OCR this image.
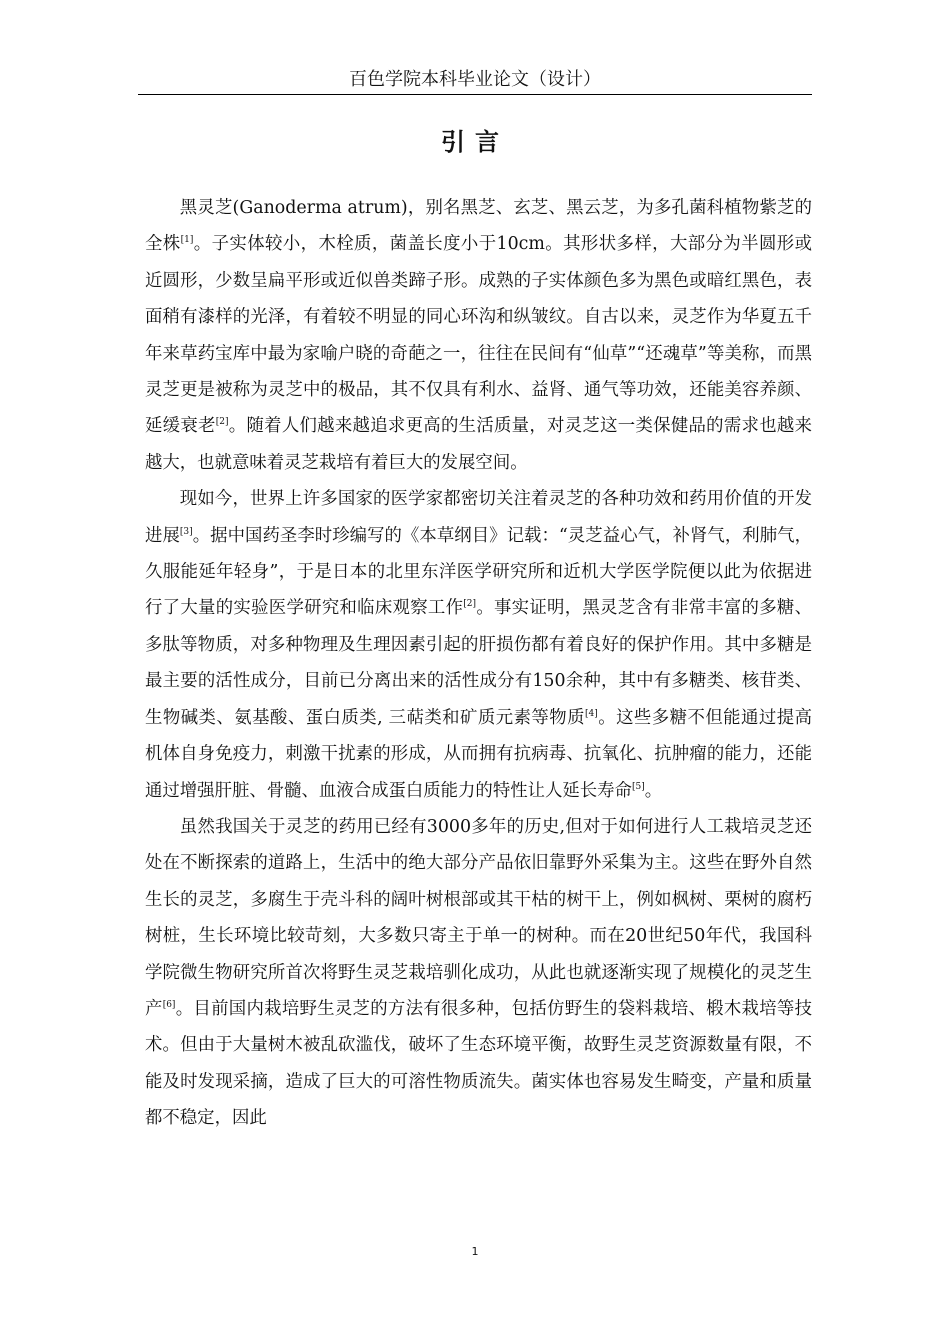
百色学院本科毕业论文（设计）
引言

黑灵芝(Ganoderma atrum)，别名黑芝、玄芝、黑云芝，为多孔菌科植物紫芝的全株[1]。子实体较小，木栓质，菌盖长度小于10cm。其形状多样，大部分为半圆形或近圆形，少数呈扁平形或近似兽类蹄子形。成熟的子实体颜色多为黑色或暗红黑色，表面稍有漆样的光泽，有着较不明显的同心环沟和纵皱纹。自古以来，灵芝作为华夏五千年来草药宝库中最为家喻户晓的奇葩之一，往往在民间有“仙草”“还魂草”等美称，而黑灵芝更是被称为灵芝中的极品，其不仅具有利水、益肾、通气等功效，还能美容养颜、延缓衰老[2]。随着人们越来越追求更高的生活质量，对灵芝这一类保健品的需求也越来越大，也就意味着灵芝栽培有着巨大的发展空间。

现如今，世界上许多国家的医学家都密切关注着灵芝的各种功效和药用价值的开发进展[3]。据中国药圣李时珍编写的《本草纲目》记载：“灵芝益心气，补肾气，利肺气，久服能延年轻身”，于是日本的北里东洋医学研究所和近机大学医学院便以此为依据进行了大量的实验医学研究和临床观察工作[2]。事实证明，黑灵芝含有非常丰富的多糖、多肽等物质，对多种物理及生理因素引起的肝损伤都有着良好的保护作用。其中多糖是最主要的活性成分，目前已分离出来的活性成分有150余种，其中有多糖类、核苷类、生物碱类、氨基酸、蛋白质类, 三萜类和矿质元素等物质[4]。这些多糖不但能通过提高机体自身免疫力，刺激干扰素的形成，从而拥有抗病毒、抗氧化、抗肿瘤的能力，还能通过增强肝脏、骨髓、血液合成蛋白质能力的特性让人延长寿命[5]。

虽然我国关于灵芝的药用已经有3000多年的历史,但对于如何进行人工栽培灵芝还处在不断探索的道路上，生活中的绝大部分产品依旧靠野外采集为主。这些在野外自然生长的灵芝，多腐生于壳斗科的阔叶树根部或其干枯的树干上，例如枫树、栗树的腐朽树桩，生长环境比较苛刻，大多数只寄主于单一的树种。而在20世纪50年代，我国科学院微生物研究所首次将野生灵芝栽培驯化成功，从此也就逐渐实现了规模化的灵芝生产[6]。目前国内栽培野生灵芝的方法有很多种，包括仿野生的袋料栽培、椴木栽培等技术。但由于大量树木被乱砍滥伐，破坏了生态环境平衡，故野生灵芝资源数量有限，不能及时发现采摘，造成了巨大的可溶性物质流失。菌实体也容易发生畸变，产量和质量都不稳定，因此

1
